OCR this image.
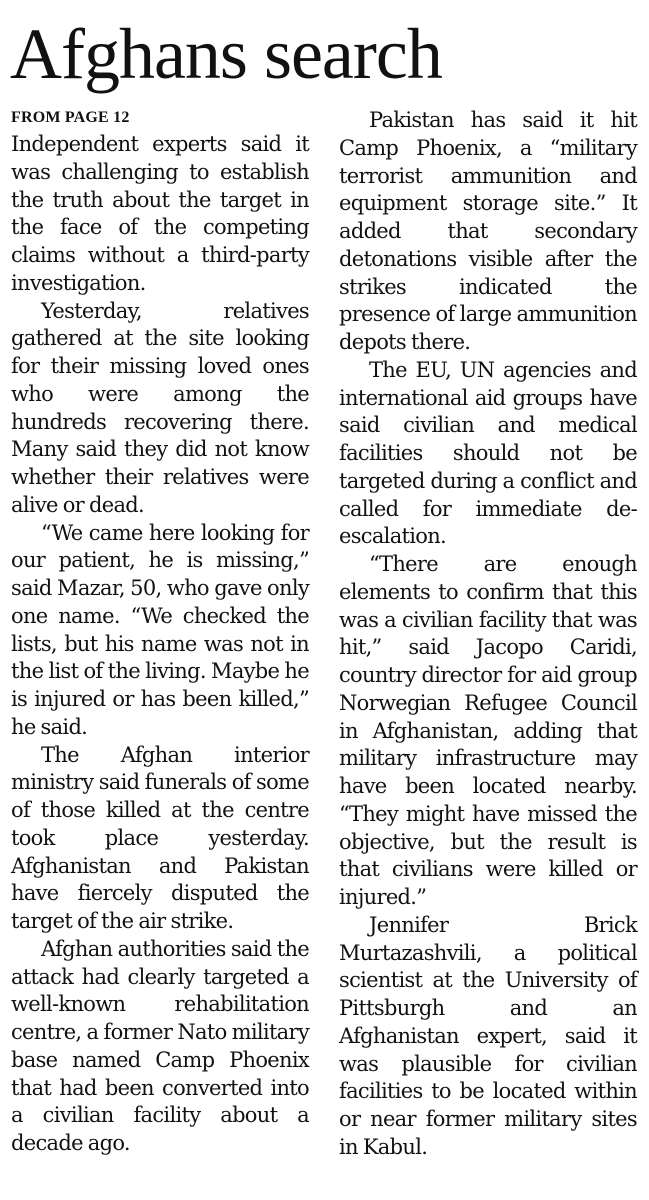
Afghans search
FROM PAGE 12

Independent experts said it was challenging to establish the truth about the target in the face of the competing claims without a third-party investigation.

Yesterday, relatives gathered at the site looking for their missing loved ones who were among the hundreds recovering there. Many said they did not know whether their relatives were alive or dead.

“We came here looking for our patient, he is missing,” said Mazar, 50, who gave only one name. “We checked the lists, but his name was not in the list of the living. Maybe he is injured or has been killed,” he said.

The Afghan interior ministry said funerals of some of those killed at the centre took place yesterday. Afghanistan and Pakistan have fiercely disputed the target of the air strike.

Afghan authorities said the attack had clearly targeted a well-known rehabilitation centre, a former Nato military base named Camp Phoenix that had been converted into a civilian facility about a decade ago.

Pakistan has said it hit Camp Phoenix, a “military terrorist ammunition and equipment storage site.” It added that secondary detonations visible after the strikes indicated the presence of large ammunition depots there.

The EU, UN agencies and international aid groups have said civilian and medical facilities should not be targeted during a conflict and called for immediate de-escalation.

“There are enough elements to confirm that this was a civilian facility that was hit,” said Jacopo Caridi, country director for aid group Norwegian Refugee Council in Afghanistan, adding that military infrastructure may have been located nearby. “They might have missed the objective, but the result is that civilians were killed or injured.”

Jennifer Brick Murtazashvili, a political scientist at the University of Pittsburgh and an Afghanistan expert, said it was plausible for civilian facilities to be located within or near former military sites in Kabul.
